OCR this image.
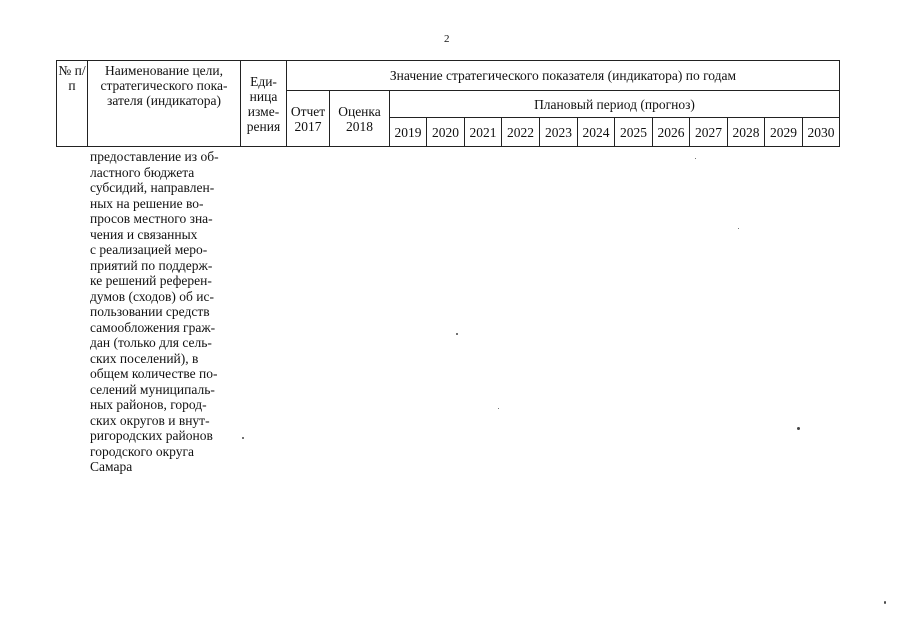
2
№ п/п	Наименование цели, стратегического пока-зателя (индикатора)	Еди-ница изме-рения	Значение стратегического показателя (индикатора) по годам													
			Отчет 2017	Оценка 2018	Плановый период (прогноз)											
					2019	2020	2021	2022	2023	2024	2025	2026	2027	2028	2029	2030
предоставление из об-
ластного бюджета
субсидий, направлен-
ных на решение во-
просов местного зна-
чения и связанных
с реализацией меро-
приятий по поддерж-
ке решений референ-
думов (сходов) об ис-
пользовании средств
самообложения граж-
дан (только для сель-
ских поселений), в
общем количестве по-
селений муниципаль-
ных районов, город-
ских округов и внут-
ригородских районов
городского округа
Самара
